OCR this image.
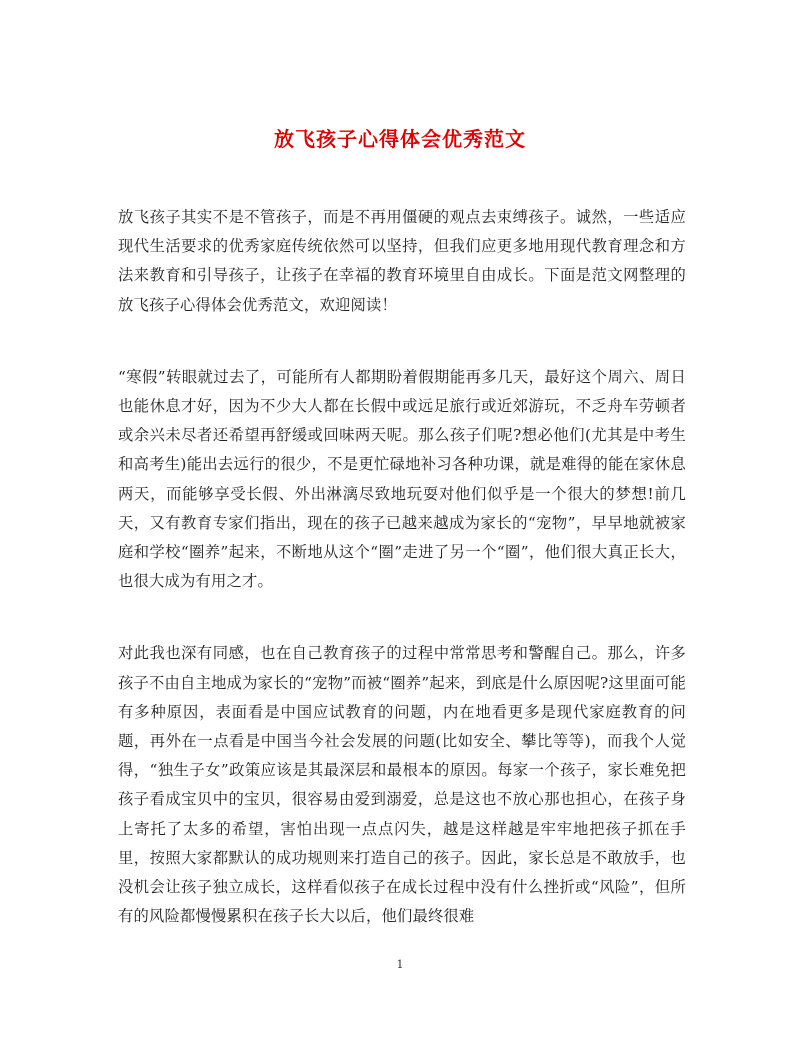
放飞孩子心得体会优秀范文

放飞孩子其实不是不管孩子，而是不再用僵硬的观点去束缚孩子。诚然，一些适应现代生活要求的优秀家庭传统依然可以坚持，但我们应更多地用现代教育理念和方法来教育和引导孩子，让孩子在幸福的教育环境里自由成长。下面是范文网整理的放飞孩子心得体会优秀范文，欢迎阅读！

“寒假”转眼就过去了，可能所有人都期盼着假期能再多几天，最好这个周六、周日也能休息才好，因为不少大人都在长假中或远足旅行或近郊游玩，不乏舟车劳顿者或余兴未尽者还希望再舒缓或回味两天呢。那么孩子们呢?想必他们(尤其是中考生和高考生)能出去远行的很少，不是更忙碌地补习各种功课，就是难得的能在家休息两天，而能够享受长假、外出淋漓尽致地玩耍对他们似乎是一个很大的梦想!前几天，又有教育专家们指出，现在的孩子已越来越成为家长的“宠物”，早早地就被家庭和学校“圈养”起来，不断地从这个“圈”走进了另一个“圈”，他们很大真正长大，也很大成为有用之才。

对此我也深有同感，也在自己教育孩子的过程中常常思考和警醒自己。那么，许多孩子不由自主地成为家长的“宠物”而被“圈养”起来，到底是什么原因呢?这里面可能有多种原因，表面看是中国应试教育的问题，内在地看更多是现代家庭教育的问题，再外在一点看是中国当今社会发展的问题(比如安全、攀比等等)，而我个人觉得，“独生子女”政策应该是其最深层和最根本的原因。每家一个孩子，家长难免把孩子看成宝贝中的宝贝，很容易由爱到溺爱，总是这也不放心那也担心，在孩子身上寄托了太多的希望，害怕出现一点点闪失，越是这样越是牢牢地把孩子抓在手里，按照大家都默认的成功规则来打造自己的孩子。因此，家长总是不敢放手，也没机会让孩子独立成长，这样看似孩子在成长过程中没有什么挫折或“风险”，但所有的风险都慢慢累积在孩子长大以后，他们最终很难

1
